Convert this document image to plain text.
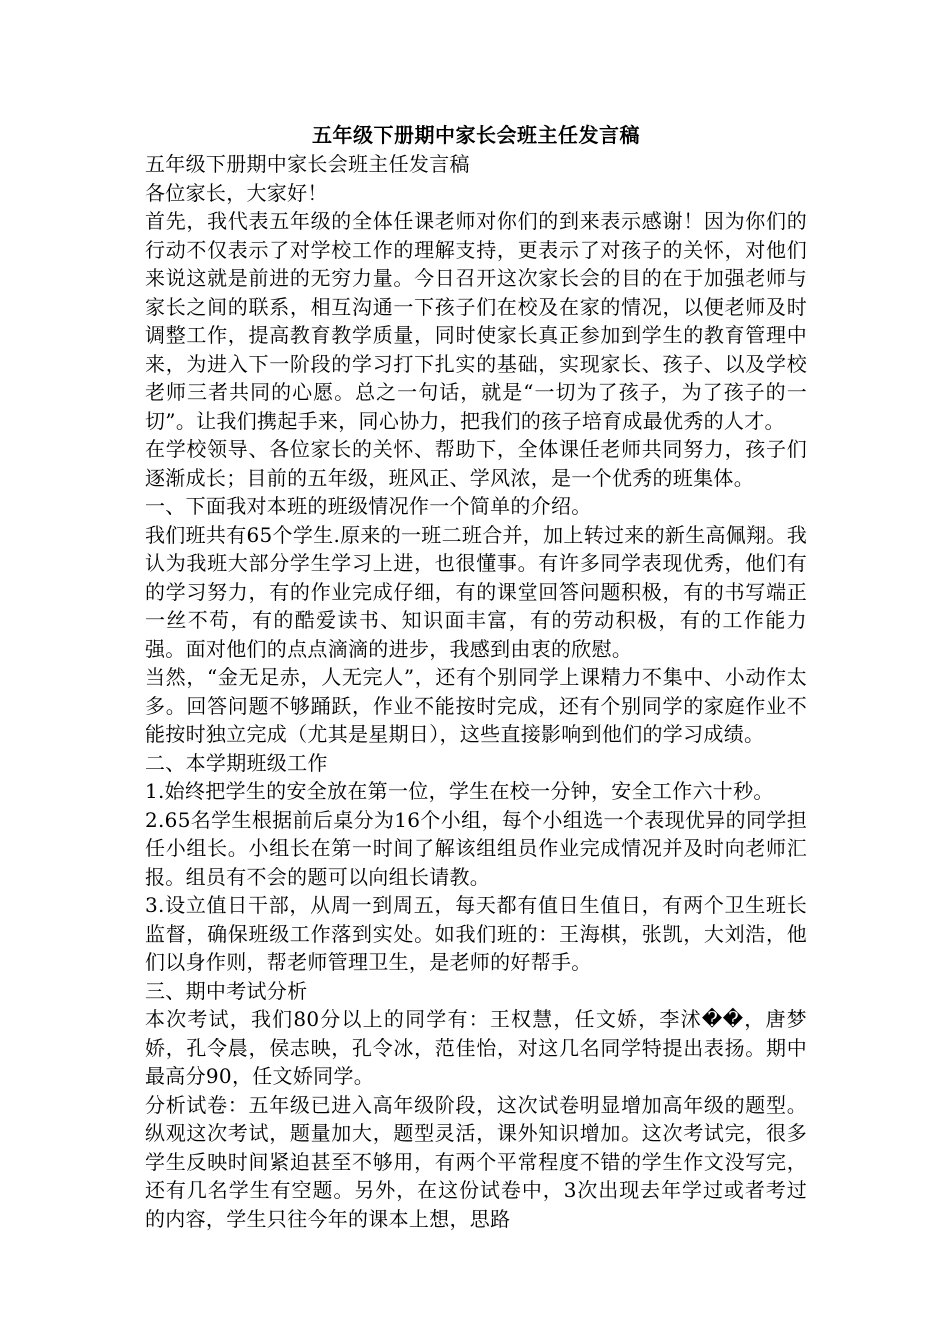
五年级下册期中家长会班主任发言稿

五年级下册期中家长会班主任发言稿

各位家长，大家好！

首先，我代表五年级的全体任课老师对你们的到来表示感谢！因为你们的行动不仅表示了对学校工作的理解支持，更表示了对孩子的关怀，对他们来说这就是前进的无穷力量。今日召开这次家长会的目的在于加强老师与家长之间的联系，相互沟通一下孩子们在校及在家的情况，以便老师及时调整工作，提高教育教学质量，同时使家长真正参加到学生的教育管理中来，为进入下一阶段的学习打下扎实的基础，实现家长、孩子、以及学校老师三者共同的心愿。总之一句话，就是“一切为了孩子，为了孩子的一切”。让我们携起手来，同心协力，把我们的孩子培育成最优秀的人才。

在学校领导、各位家长的关怀、帮助下，全体课任老师共同努力，孩子们逐渐成长；目前的五年级，班风正、学风浓，是一个优秀的班集体。

一、下面我对本班的班级情况作一个简单的介绍。

我们班共有65个学生.原来的一班二班合并，加上转过来的新生高佩翔。我认为我班大部分学生学习上进，也很懂事。有许多同学表现优秀，他们有的学习努力，有的作业完成仔细，有的课堂回答问题积极，有的书写端正一丝不苟，有的酷爱读书、知识面丰富，有的劳动积极，有的工作能力强。面对他们的点点滴滴的进步，我感到由衷的欣慰。

当然，“金无足赤，人无完人”，还有个别同学上课精力不集中、小动作太多。回答问题不够踊跃，作业不能按时完成，还有个别同学的家庭作业不能按时独立完成（尤其是星期日），这些直接影响到他们的学习成绩。

二、本学期班级工作

1.始终把学生的安全放在第一位，学生在校一分钟，安全工作六十秒。

2.65名学生根据前后桌分为16个小组，每个小组选一个表现优异的同学担任小组长。小组长在第一时间了解该组组员作业完成情况并及时向老师汇报。组员有不会的题可以向组长请教。

3.设立值日干部，从周一到周五，每天都有值日生值日，有两个卫生班长监督，确保班级工作落到实处。如我们班的：王海棋，张凯，大刘浩，他们以身作则，帮老师管理卫生，是老师的好帮手。

三、期中考试分析

本次考试，我们80分以上的同学有：王权慧，任文娇，李沭��，唐梦娇，孔令晨，侯志映，孔令冰，范佳怡，对这几名同学特提出表扬。期中最高分90，任文娇同学。

分析试卷：五年级已进入高年级阶段，这次试卷明显增加高年级的题型。纵观这次考试，题量加大，题型灵活，课外知识增加。这次考试完，很多学生反映时间紧迫甚至不够用，有两个平常程度不错的学生作文没写完，还有几名学生有空题。另外，在这份试卷中，3次出现去年学过或者考过的内容，学生只往今年的课本上想，思路
